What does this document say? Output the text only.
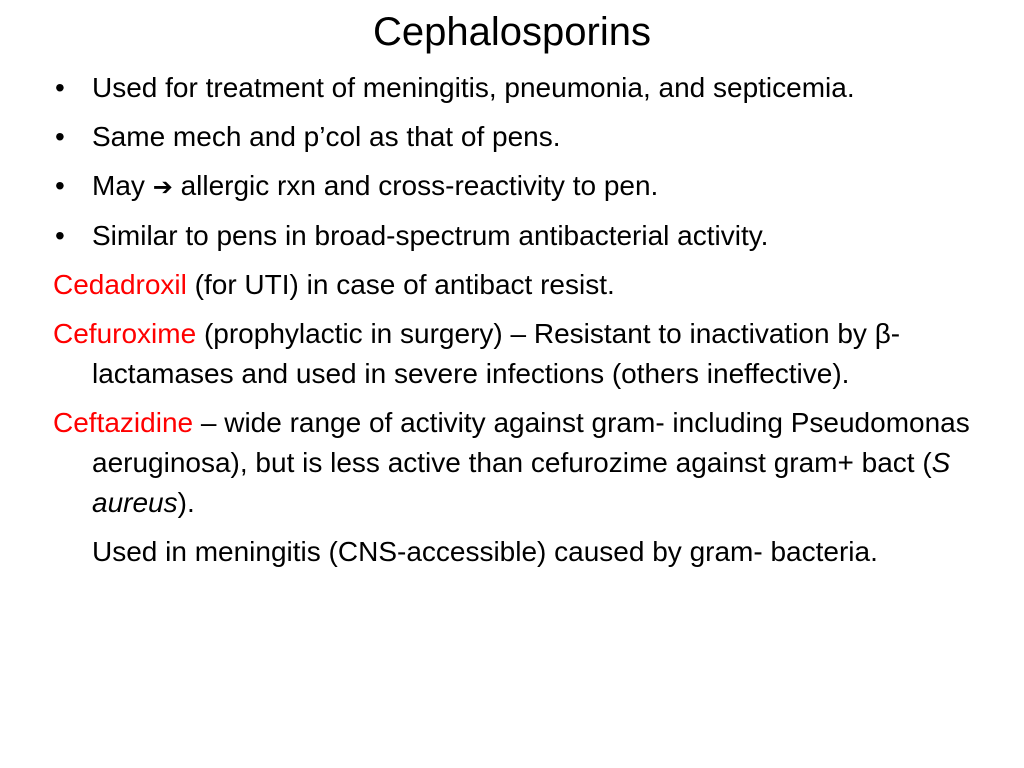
Cephalosporins

• Used for treatment of meningitis, pneumonia, and septicemia.

• Same mech and p’col as that of pens.

• May ➔ allergic rxn and cross-reactivity to pen.

• Similar to pens in broad-spectrum antibacterial activity.

Cedadroxil (for UTI) in case of antibact resist.

Cefuroxime (prophylactic in surgery) – Resistant to inactivation by β-lactamases and used in severe infections (others ineffective).

Ceftazidine – wide range of activity against gram- including Pseudomonas aeruginosa), but is less active than cefurozime against gram+ bact (S aureus).

Used in meningitis (CNS-accessible) caused by gram- bacteria.
